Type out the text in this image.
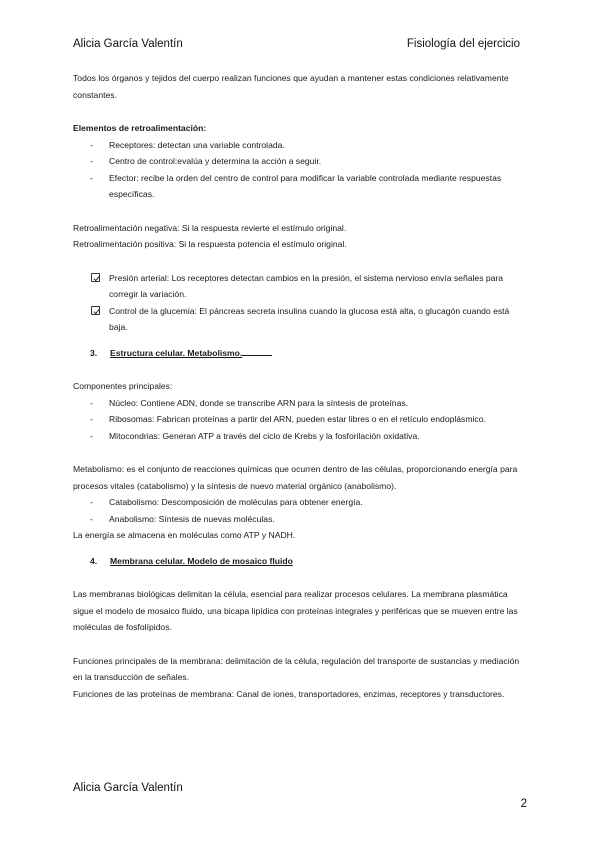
Alicia García Valentín	Fisiología del ejercicio

Todos los órganos y tejidos del cuerpo realizan funciones que ayudan a mantener estas condiciones relativamente constantes.

Elementos de retroalimentación:

- Receptores: detectan una variable controlada.
- Centro de control:evalúa y determina la acción a seguir.
- Efector: recibe la orden del centro de control para modificar la variable controlada mediante respuestas específicas.

Retroalimentación negativa: Si la respuesta revierte el estímulo original.

Retroalimentación positiva: Si la respuesta potencia el estímulo original.

Presión arterial: Los receptores detectan cambios en la presión, el sistema nervioso envía señales para corregir la variación.
Control de la glucemia: El páncreas secreta insulina cuando la glucosa está alta, o glucagón cuando está baja.
3. Estructura celular. Metabolismo.

Componentes principales:

- Núcleo: Contiene ADN, donde se transcribe ARN para la síntesis de proteínas.
- Ribosomas: Fabrican proteínas a partir del ARN, pueden estar libres o en el retículo endoplásmico.
- Mitocondrias: Generan ATP a través del ciclo de Krebs y la fosforilación oxidativa.

Metabolismo: es el conjunto de reacciones químicas que ocurren dentro de las células, proporcionando energía para procesos vitales (catabolismo) y la síntesis de nuevo material orgánico (anabolismo).

- Catabolismo: Descomposición de moléculas para obtener energía.
- Anabolismo: Síntesis de nuevas moléculas.

La energía se almacena en moléculas como ATP y NADH.

4. Membrana celular. Modelo de mosaico fluido

Las membranas biológicas delimitan la célula, esencial para realizar procesos celulares. La membrana plasmática sigue el modelo de mosaico fluido, una bicapa lipídica con proteínas integrales y periféricas que se mueven entre las moléculas de fosfolípidos.

Funciones principales de la membrana: delimitación de la célula, regulación del transporte de sustancias y mediación en la transducción de señales.

Funciones de las proteínas de membrana: Canal de iones, transportadores, enzimas, receptores y transductores.

Alicia García Valentín
2
